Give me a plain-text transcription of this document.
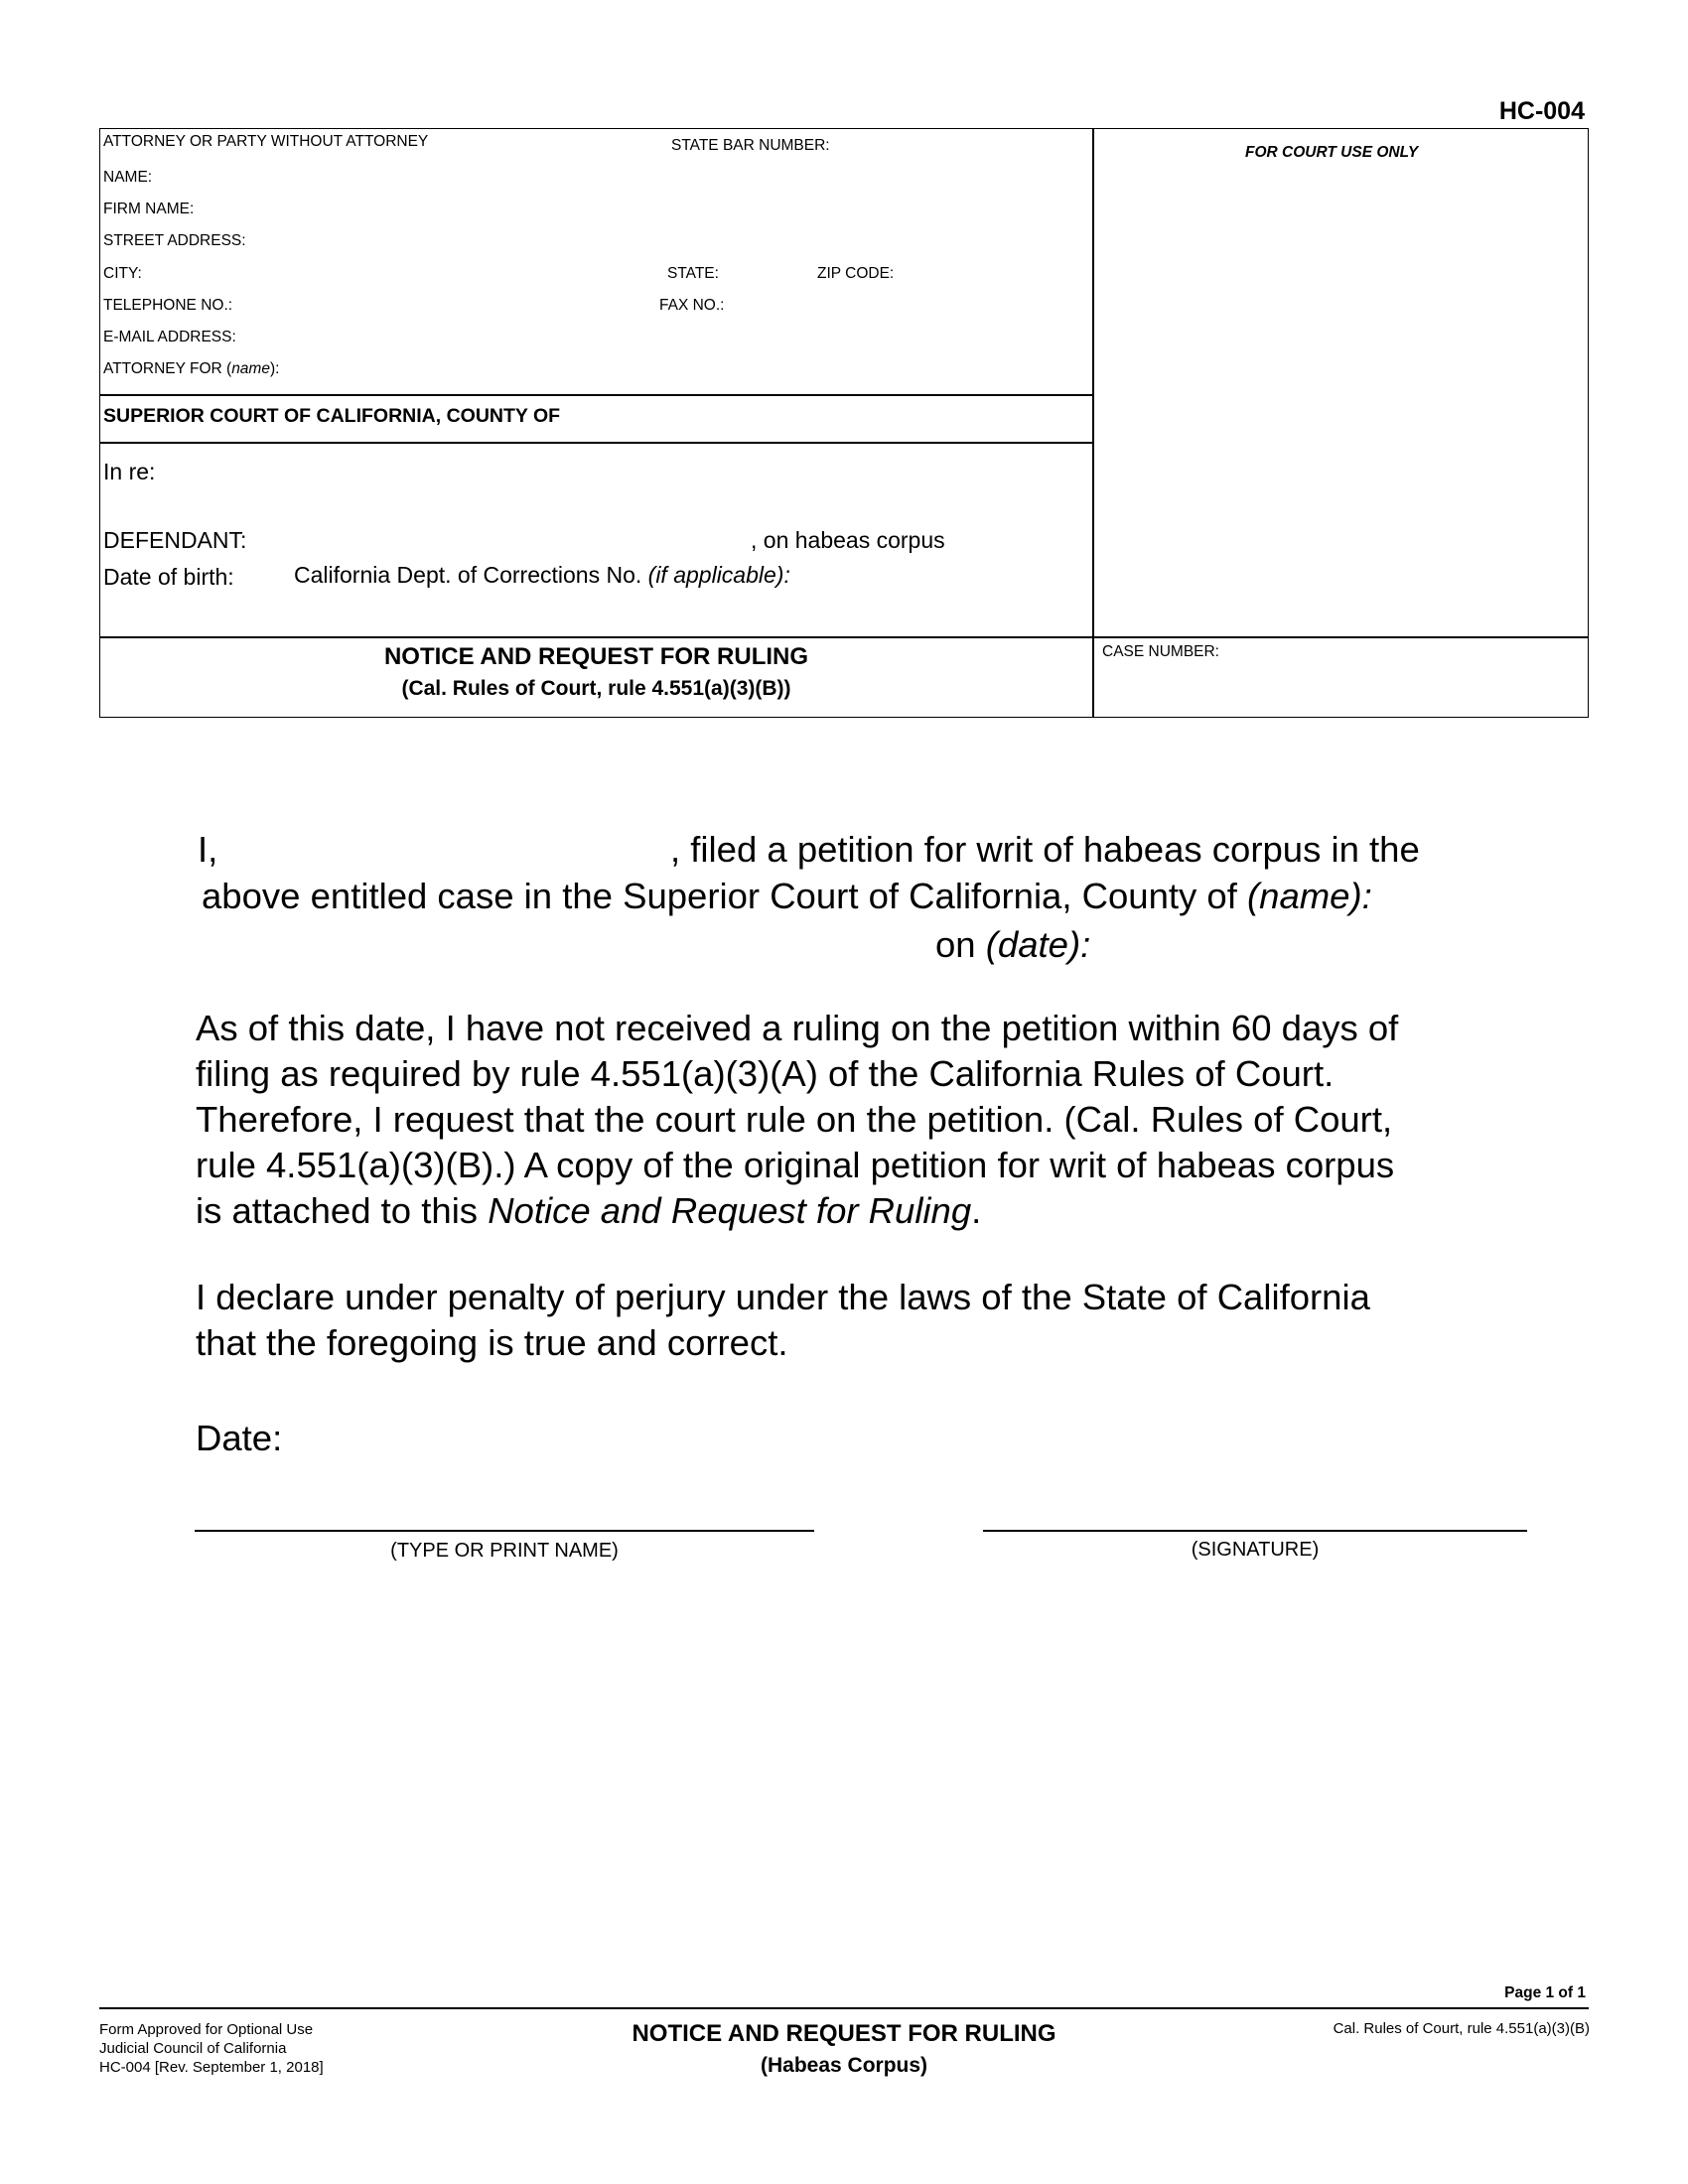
HC-004
ATTORNEY OR PARTY WITHOUT ATTORNEY	STATE BAR NUMBER:	FOR COURT USE ONLY
NAME:
FIRM NAME:
STREET ADDRESS:
CITY:	STATE:	ZIP CODE:
TELEPHONE NO.:	FAX NO.:
E-MAIL ADDRESS:
ATTORNEY FOR (name):
SUPERIOR COURT OF CALIFORNIA, COUNTY OF
In re:
DEFENDANT:	, on habeas corpus
Date of birth:	California Dept. of Corrections No. (if applicable):
NOTICE AND REQUEST FOR RULING
(Cal. Rules of Court, rule 4.551(a)(3)(B))
CASE NUMBER:
I,	, filed a petition for writ of habeas corpus in the
above entitled case in the Superior Court of California, County of (name):
on (date):
As of this date, I have not received a ruling on the petition within 60 days of
filing as required by rule 4.551(a)(3)(A) of the California Rules of Court.
Therefore, I request that the court rule on the petition. (Cal. Rules of Court,
rule 4.551(a)(3)(B).) A copy of the original petition for writ of habeas corpus
is attached to this Notice and Request for Ruling.
I declare under penalty of perjury under the laws of the State of California
that the foregoing is true and correct.
Date:
(TYPE OR PRINT NAME)	(SIGNATURE)
Page 1 of 1
Form Approved for Optional Use
Judicial Council of California
HC-004 [Rev. September 1, 2018]
NOTICE AND REQUEST FOR RULING
(Habeas Corpus)
Cal. Rules of Court, rule 4.551(a)(3)(B)
